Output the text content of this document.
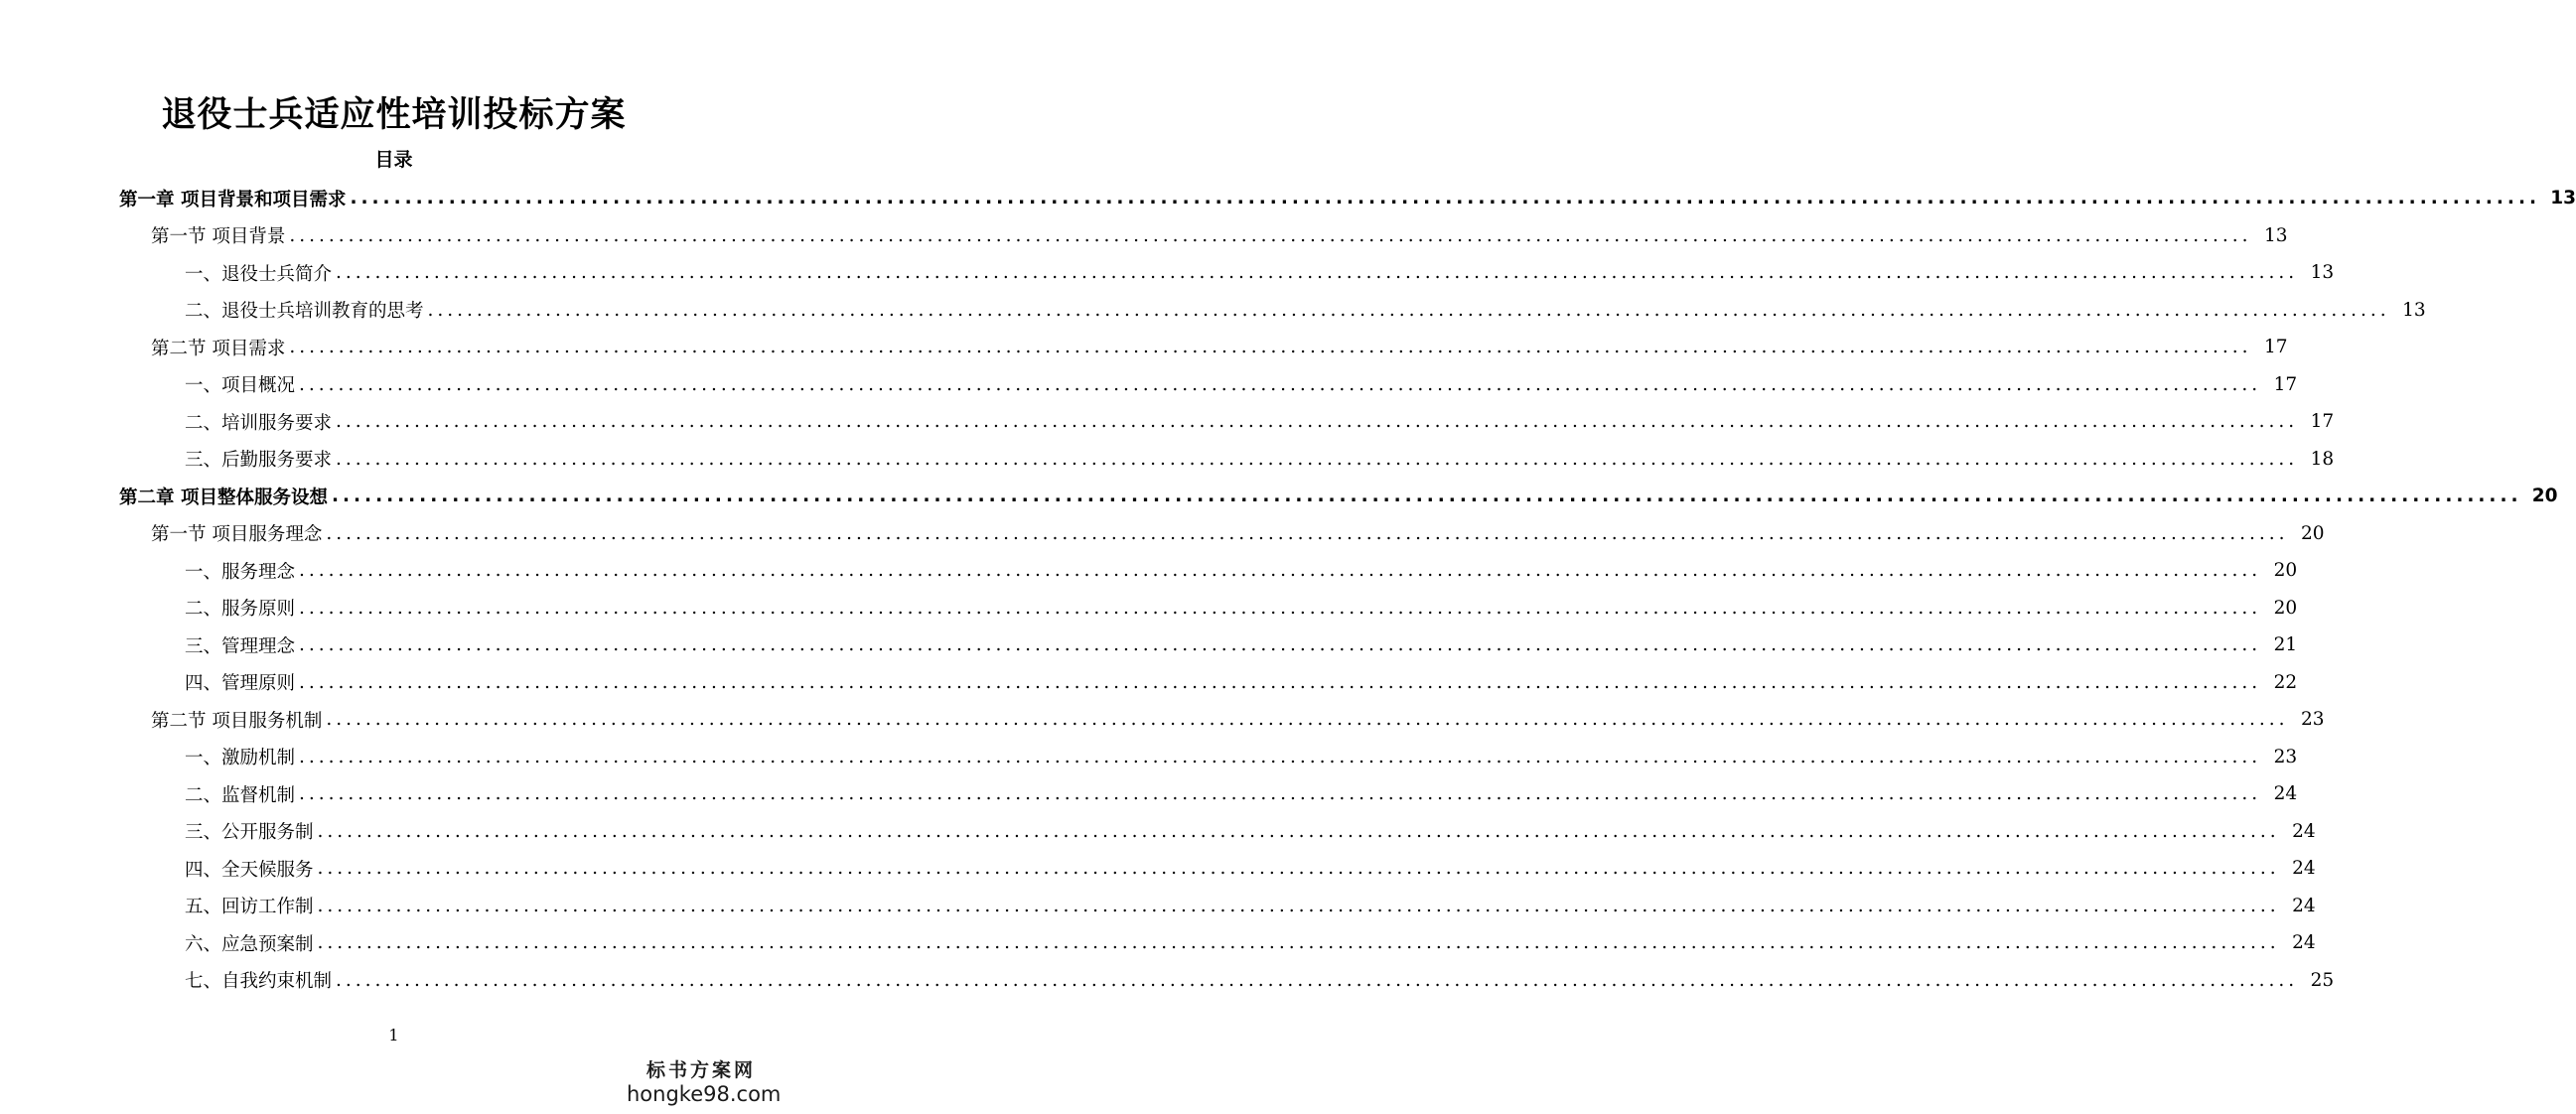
退役士兵适应性培训投标方案
目录
第一章 项目背景和项目需求 ........................................................................................................................................................................................................ 13
第一节 项目背景 ........................................................................................................................................................................................................ 13
一、退役士兵简介 ........................................................................................................................................................................................................ 13
二、退役士兵培训教育的思考 ........................................................................................................................................................................................................ 13
第二节 项目需求 ........................................................................................................................................................................................................ 17
一、项目概况 ........................................................................................................................................................................................................ 17
二、培训服务要求 ........................................................................................................................................................................................................ 17
三、后勤服务要求 ........................................................................................................................................................................................................ 18
第二章 项目整体服务设想 ........................................................................................................................................................................................................ 20
第一节 项目服务理念 ........................................................................................................................................................................................................ 20
一、服务理念 ........................................................................................................................................................................................................ 20
二、服务原则 ........................................................................................................................................................................................................ 20
三、管理理念 ........................................................................................................................................................................................................ 21
四、管理原则 ........................................................................................................................................................................................................ 22
第二节 项目服务机制 ........................................................................................................................................................................................................ 23
一、激励机制 ........................................................................................................................................................................................................ 23
二、监督机制 ........................................................................................................................................................................................................ 24
三、公开服务制 ........................................................................................................................................................................................................ 24
四、全天候服务 ........................................................................................................................................................................................................ 24
五、回访工作制 ........................................................................................................................................................................................................ 24
六、应急预案制 ........................................................................................................................................................................................................ 24
七、自我约束机制 ........................................................................................................................................................................................................ 25
1
标书方案网
hongke98.com
